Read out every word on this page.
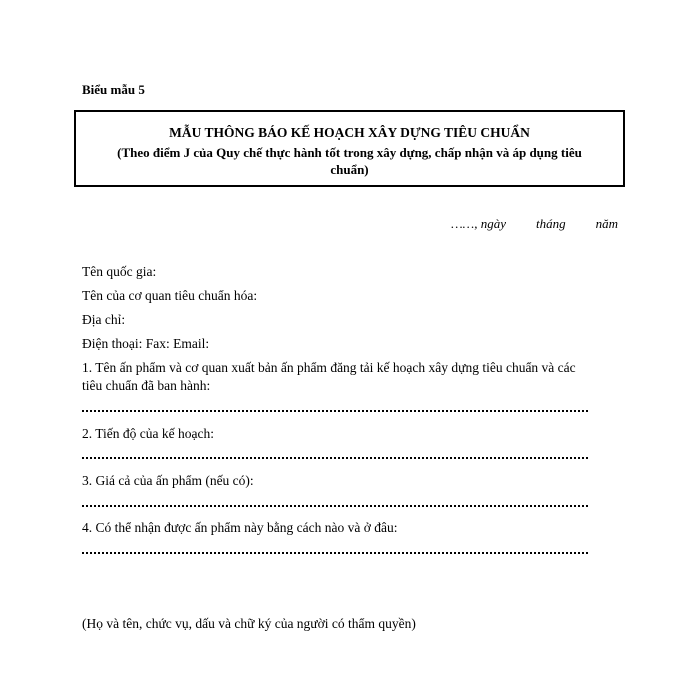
Biểu mẫu 5
MẪU THÔNG BÁO KẾ HOẠCH XÂY DỰNG TIÊU CHUẨN
(Theo điểm J của Quy chế thực hành tốt trong xây dựng, chấp nhận và áp dụng tiêu chuẩn)
……, ngày tháng năm
Tên quốc gia:
Tên của cơ quan tiêu chuẩn hóa:
Địa chỉ:
Điện thoại: Fax: Email:
1. Tên ấn phẩm và cơ quan xuất bản ấn phẩm đăng tải kế hoạch xây dựng tiêu chuẩn và các tiêu chuẩn đã ban hành:
2. Tiến độ của kế hoạch:
3. Giá cả của ấn phẩm (nếu có):
4. Có thể nhận được ấn phẩm này bằng cách nào và ở đâu:
(Họ và tên, chức vụ, dấu và chữ ký của người có thẩm quyền)
